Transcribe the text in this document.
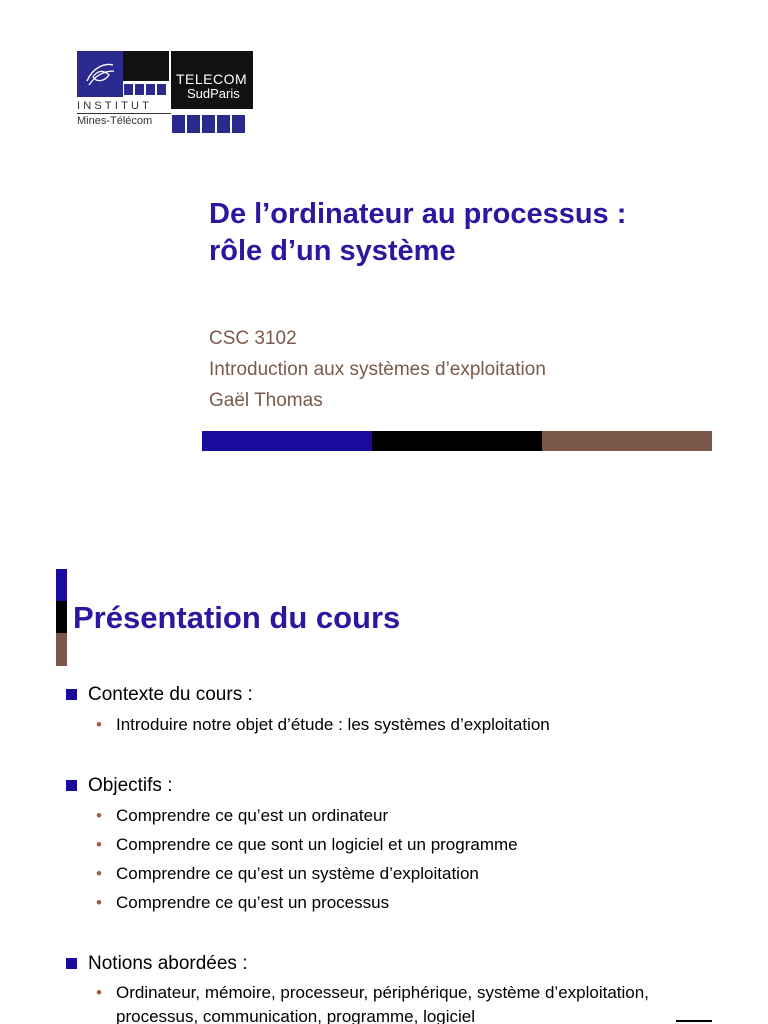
TELECOM
SudParis
INSTITUT
Mines-Télécom
De l’ordinateur au processus :
rôle d’un système
CSC 3102
Introduction aux systèmes d’exploitation
Gaël Thomas
Présentation du cours
Contexte du cours :
• Introduire notre objet d’étude : les systèmes d’exploitation
Objectifs :
• Comprendre ce qu’est un ordinateur
• Comprendre ce que sont un logiciel et un programme
• Comprendre ce qu’est un système d’exploitation
• Comprendre ce qu’est un processus
Notions abordées :
• Ordinateur, mémoire, processeur, périphérique, système d’exploitation, processus, communication, programme, logiciel
